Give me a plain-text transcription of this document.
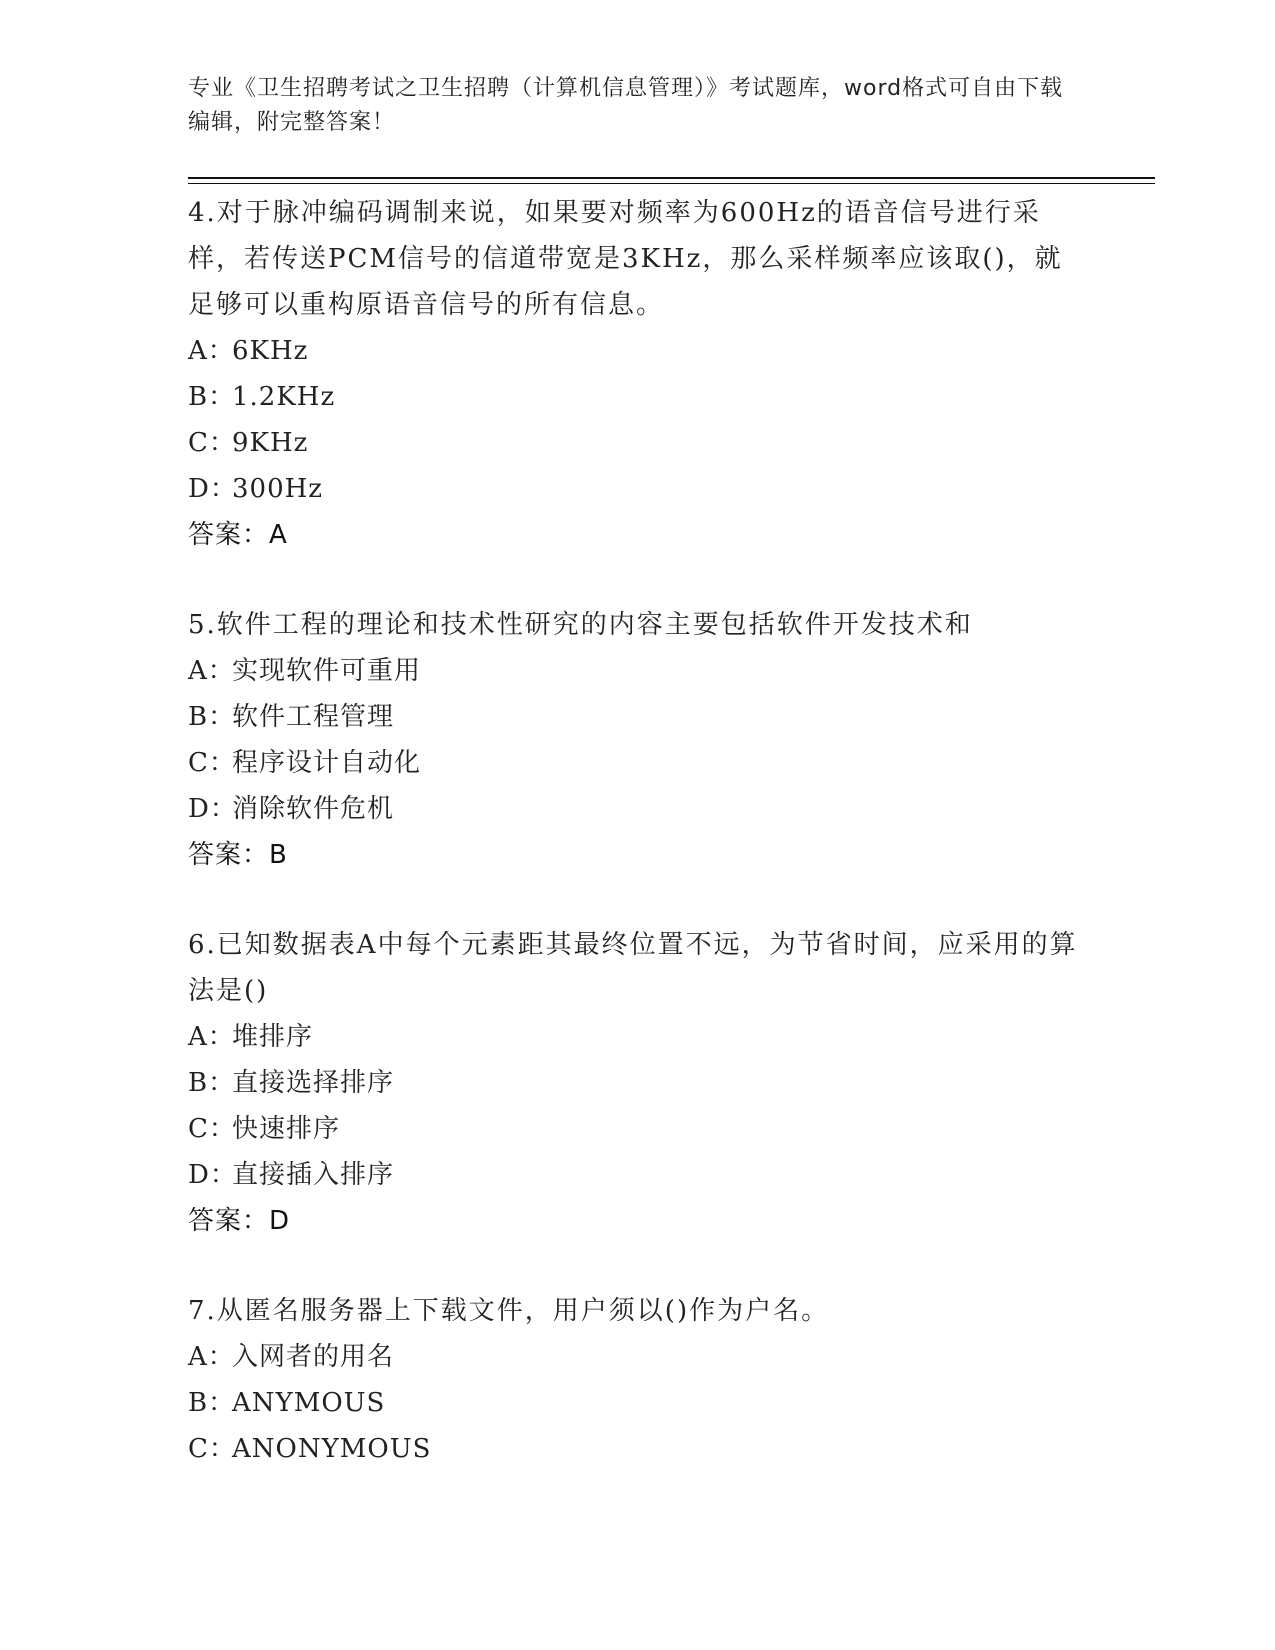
专业《卫生招聘考试之卫生招聘（计算机信息管理）》考试题库，word格式可自由下载编辑，附完整答案！
4.对于脉冲编码调制来说，如果要对频率为600Hz的语音信号进行采样，若传送PCM信号的信道带宽是3KHz，那么采样频率应该取()，就足够可以重构原语音信号的所有信息。
A：6KHz
B：1.2KHz
C：9KHz
D：300Hz
答案：A
5.软件工程的理论和技术性研究的内容主要包括软件开发技术和
A：实现软件可重用
B：软件工程管理
C：程序设计自动化
D：消除软件危机
答案：B
6.已知数据表A中每个元素距其最终位置不远，为节省时间，应采用的算法是()
A：堆排序
B：直接选择排序
C：快速排序
D：直接插入排序
答案：D
7.从匿名服务器上下载文件，用户须以()作为户名。
A：入网者的用名
B：ANYMOUS
C：ANONYMOUS
